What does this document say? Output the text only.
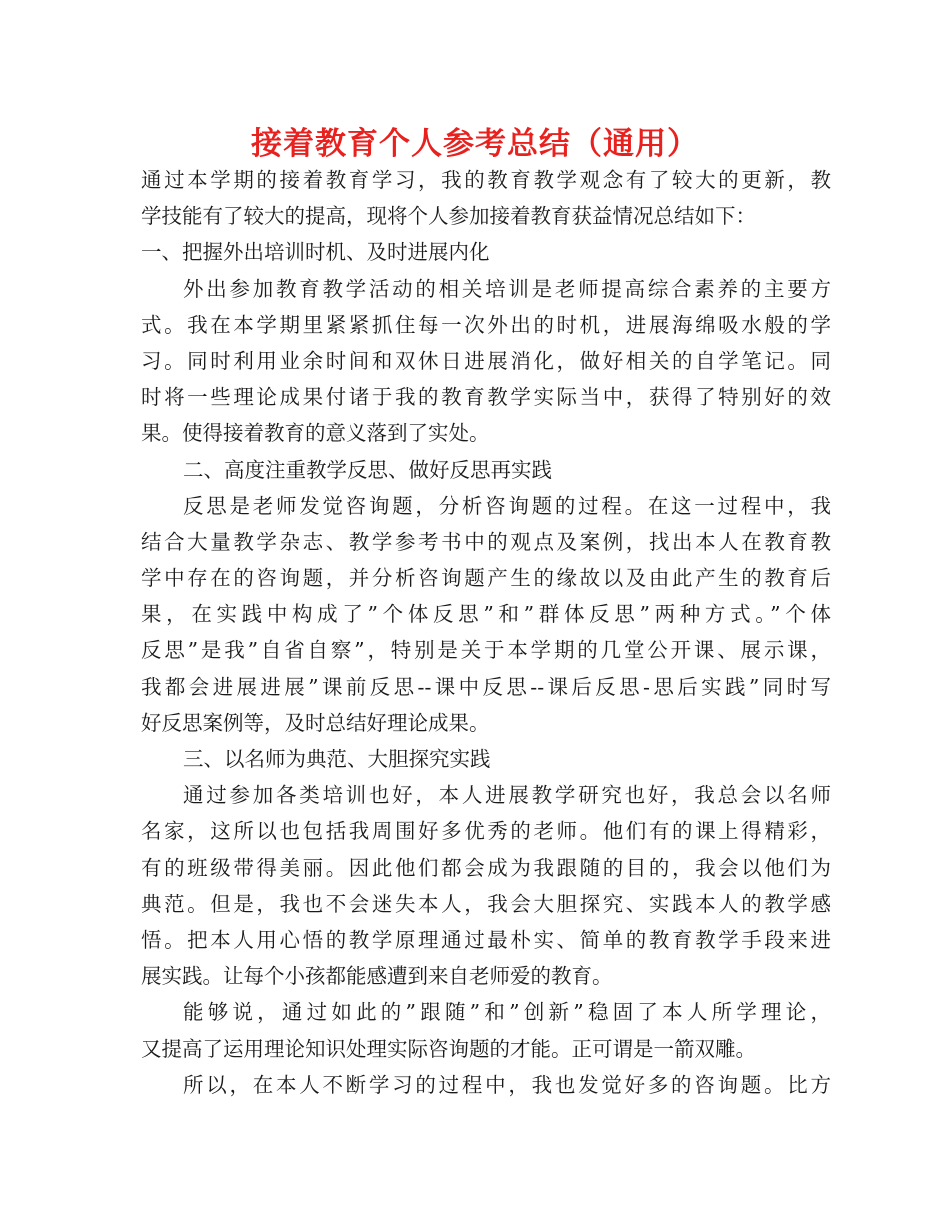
接着教育个人参考总结（通用）
通过本学期的接着教育学习，我的教育教学观念有了较大的更新，教
学技能有了较大的提高，现将个人参加接着教育获益情况总结如下：
一、把握外出培训时机、及时进展内化
外出参加教育教学活动的相关培训是老师提高综合素养的主要方
式。我在本学期里紧紧抓住每一次外出的时机，进展海绵吸水般的学
习。同时利用业余时间和双休日进展消化，做好相关的自学笔记。同
时将一些理论成果付诸于我的教育教学实际当中，获得了特别好的效
果。使得接着教育的意义落到了实处。
二、高度注重教学反思、做好反思再实践
反思是老师发觉咨询题，分析咨询题的过程。在这一过程中，我
结合大量教学杂志、教学参考书中的观点及案例，找出本人在教育教
学中存在的咨询题，并分析咨询题产生的缘故以及由此产生的教育后
果，在实践中构成了”个体反思”和”群体反思”两种方式。”个体
反思”是我”自省自察”，特别是关于本学期的几堂公开课、展示课，
我都会进展进展”课前反思--课中反思--课后反思-思后实践”同时写
好反思案例等，及时总结好理论成果。
三、以名师为典范、大胆探究实践
通过参加各类培训也好，本人进展教学研究也好，我总会以名师
名家，这所以也包括我周围好多优秀的老师。他们有的课上得精彩，
有的班级带得美丽。因此他们都会成为我跟随的目的，我会以他们为
典范。但是，我也不会迷失本人，我会大胆探究、实践本人的教学感
悟。把本人用心悟的教学原理通过最朴实、简单的教育教学手段来进
展实践。让每个小孩都能感遭到来自老师爱的教育。
能够说，通过如此的”跟随”和”创新”稳固了本人所学理论，
又提高了运用理论知识处理实际咨询题的才能。正可谓是一箭双雕。
所以，在本人不断学习的过程中，我也发觉好多的咨询题。比方
